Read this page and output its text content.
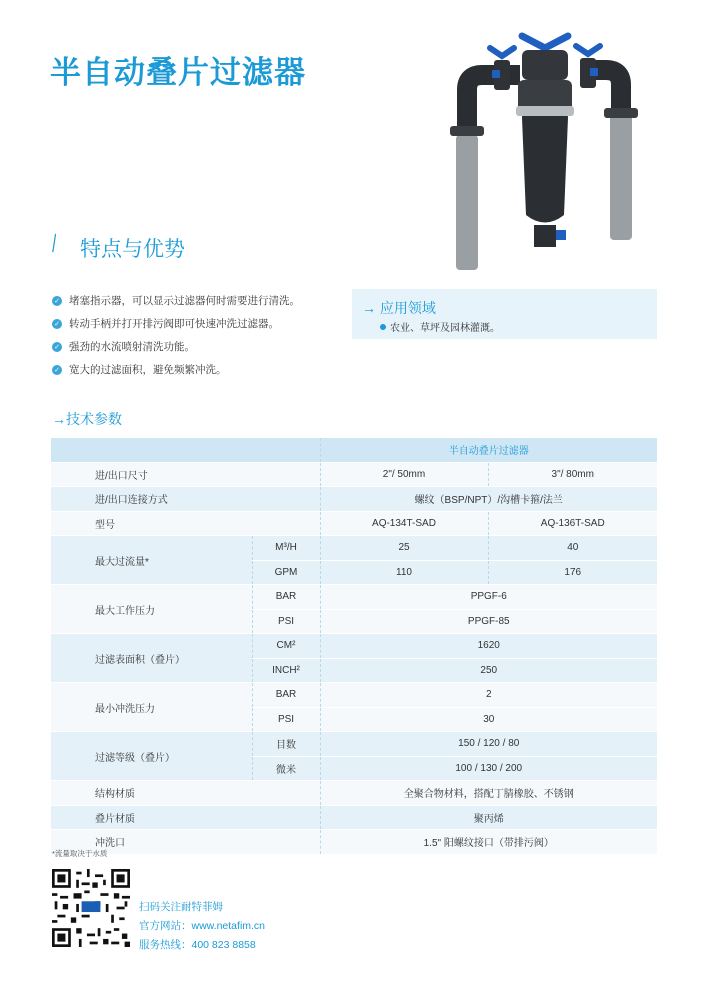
半自动叠片过滤器
特点与优势
✓ 堵塞指示器，可以显示过滤器何时需要进行清洗。
✓ 转动手柄并打开排污阀即可快速冲洗过滤器。
✓ 强劲的水流喷射清洗功能。
✓ 宽大的过滤面积，避免频繁冲洗。
→ 应用领域
农业、草坪及园林灌溉。
→技术参数
		半自动叠片过滤器	
进/出口尺寸		2"/ 50mm	3"/ 80mm
进/出口连接方式		螺纹（BSP/NPT）/沟槽卡箍/法兰	
型号		AQ-134T-SAD	AQ-136T-SAD
最大过流量*	M³/H	25	40
	GPM	110	176
最大工作压力	BAR	PPGF-6	
	PSI	PPGF-85	
过滤表面积（叠片）	CM²	1620	
	INCH²	250	
最小冲洗压力	BAR	2	
	PSI	30	
过滤等级（叠片）	目数	150 / 120 / 80	
	微米	100 / 130 / 200	
结构材质		全聚合物材料，搭配丁腈橡胶、不锈钢	
叠片材质		聚丙烯	
冲洗口		1.5" 阳螺纹接口（带排污阀）	
*流量取决于水质
扫码关注耐特菲姆
官方网站：www.netafim.cn
服务热线：400 823 8858
